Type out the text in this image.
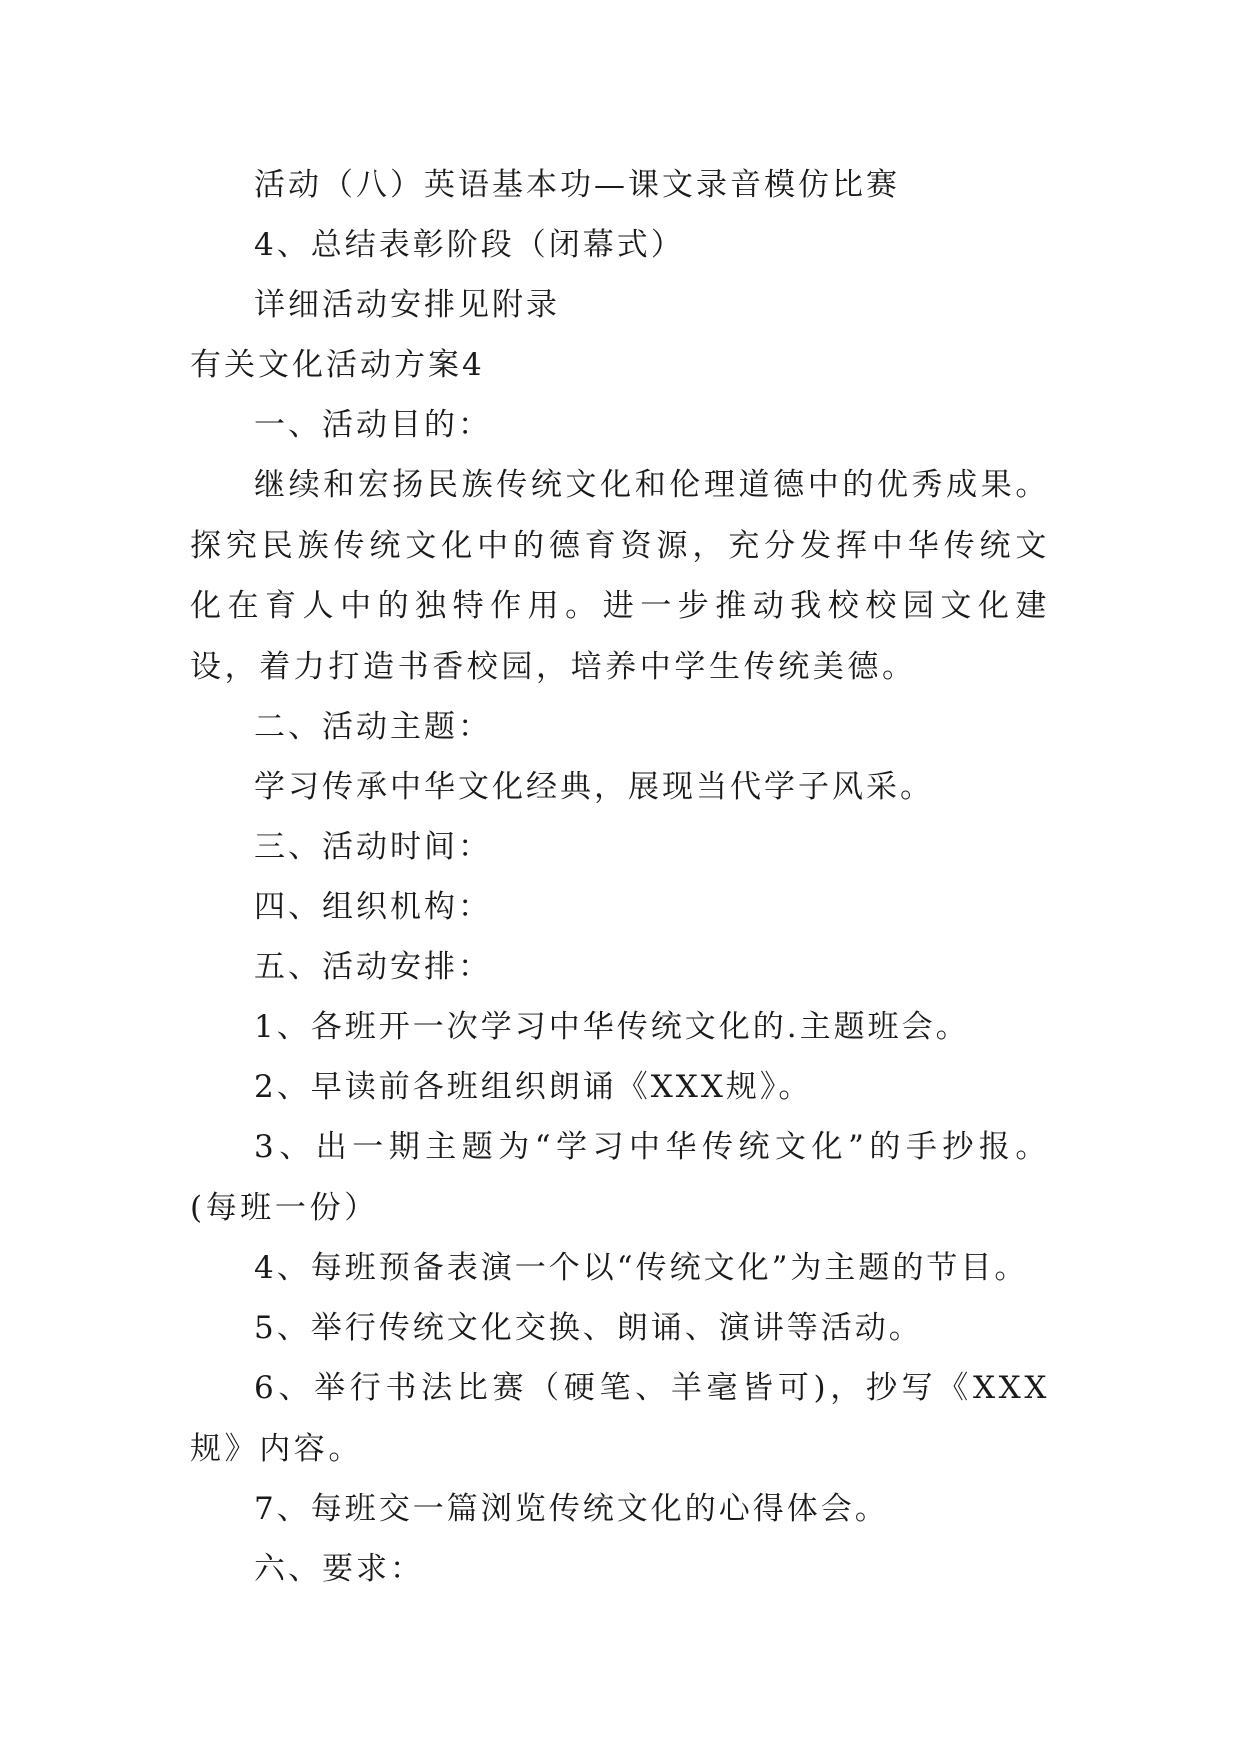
活动（八）英语基本功—课文录音模仿比赛

4、总结表彰阶段（闭幕式）

详细活动安排见附录

有关文化活动方案4

一、活动目的：

继续和宏扬民族传统文化和伦理道德中的优秀成果。探究民族传统文化中的德育资源，充分发挥中华传统文化在育人中的独特作用。进一步推动我校校园文化建设，着力打造书香校园，培养中学生传统美德。

二、活动主题：

学习传承中华文化经典，展现当代学子风采。

三、活动时间：

四、组织机构：

五、活动安排：

1、各班开一次学习中华传统文化的.主题班会。

2、早读前各班组织朗诵《XXX规》。

3、出一期主题为“学习中华传统文化”的手抄报。(每班一份）

4、每班预备表演一个以“传统文化”为主题的节目。

5、举行传统文化交换、朗诵、演讲等活动。

6、举行书法比赛（硬笔、羊毫皆可)，抄写《XXX规》内容。

7、每班交一篇浏览传统文化的心得体会。

六、要求：
